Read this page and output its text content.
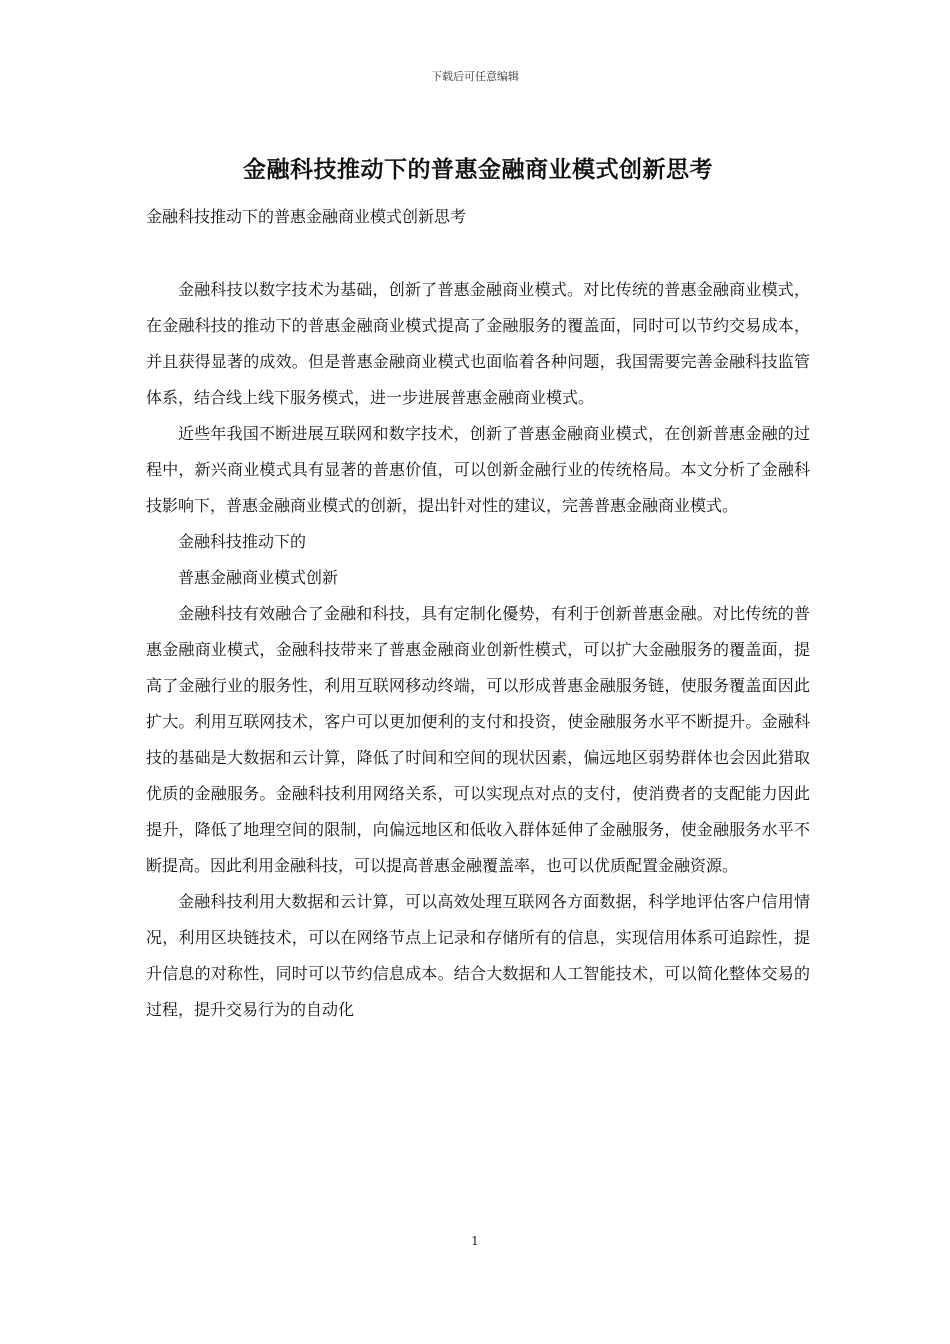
下载后可任意编辑
金融科技推动下的普惠金融商业模式创新思考
金融科技推动下的普惠金融商业模式创新思考

金融科技以数字技术为基础，创新了普惠金融商业模式。对比传统的普惠金融商业模式，在金融科技的推动下的普惠金融商业模式提高了金融服务的覆盖面，同时可以节约交易成本，并且获得显著的成效。但是普惠金融商业模式也面临着各种问题，我国需要完善金融科技监管体系，结合线上线下服务模式，进一步进展普惠金融商业模式。

近些年我国不断进展互联网和数字技术，创新了普惠金融商业模式，在创新普惠金融的过程中，新兴商业模式具有显著的普惠价值，可以创新金融行业的传统格局。本文分析了金融科技影响下，普惠金融商业模式的创新，提出针对性的建议，完善普惠金融商业模式。

金融科技推动下的

普惠金融商业模式创新

金融科技有效融合了金融和科技，具有定制化優势，有利于创新普惠金融。对比传统的普惠金融商业模式，金融科技带来了普惠金融商业创新性模式，可以扩大金融服务的覆盖面，提高了金融行业的服务性，利用互联网移动终端，可以形成普惠金融服务链，使服务覆盖面因此扩大。利用互联网技术，客户可以更加便利的支付和投资，使金融服务水平不断提升。金融科技的基础是大数据和云计算，降低了时间和空间的现状因素，偏远地区弱势群体也会因此猎取优质的金融服务。金融科技利用网络关系，可以实现点对点的支付，使消费者的支配能力因此提升，降低了地理空间的限制，向偏远地区和低收入群体延伸了金融服务，使金融服务水平不断提高。因此利用金融科技，可以提高普惠金融覆盖率，也可以优质配置金融资源。

金融科技利用大数据和云计算，可以高效处理互联网各方面数据，科学地评估客户信用情况，利用区块链技术，可以在网络节点上记录和存储所有的信息，实现信用体系可追踪性，提升信息的对称性，同时可以节约信息成本。结合大数据和人工智能技术，可以简化整体交易的过程，提升交易行为的自动化

1
